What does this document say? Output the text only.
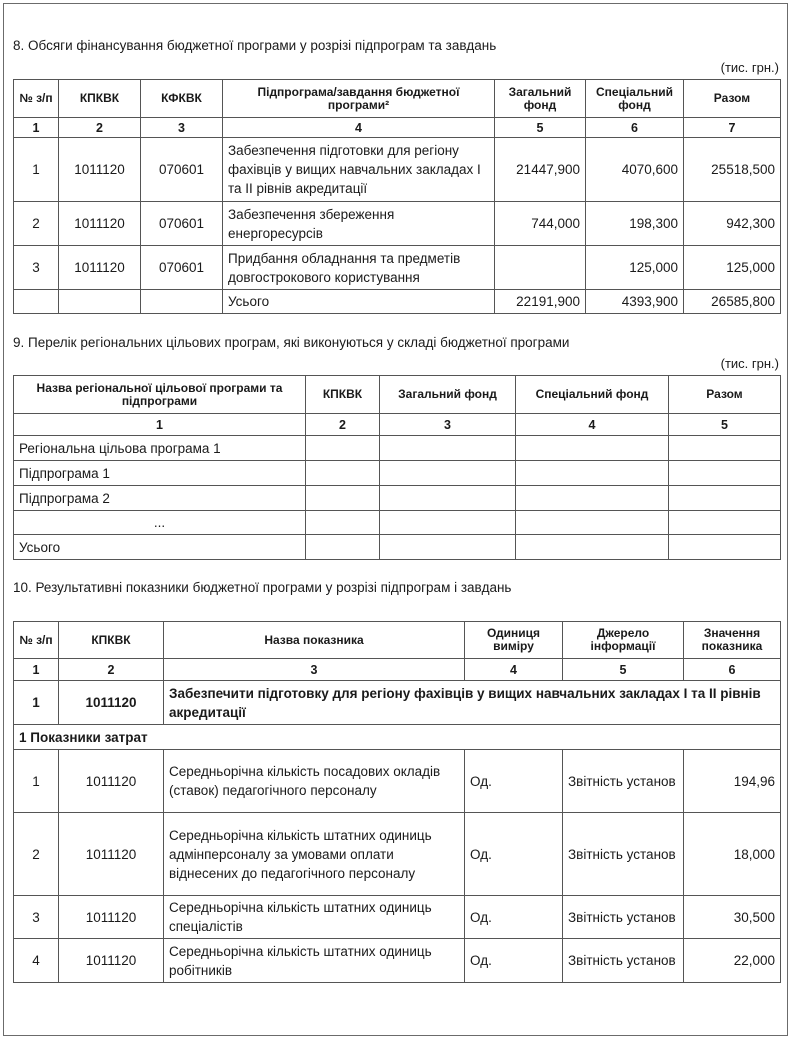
8. Обсяги фінансування бюджетної програми у розрізі підпрограм та завдань
(тис. грн.)
№ з/п	КПКВК	КФКВК	Підпрограма/завдання бюджетної програми²	Загальний фонд	Спеціальний фонд	Разом
1	2	3	4	5	6	7
1	1011120	070601	Забезпечення підготовки для регіону фахівців у вищих навчальних закладах І та ІІ рівнів акредитації	21447,900	4070,600	25518,500
2	1011120	070601	Забезпечення збереження енергоресурсів	744,000	198,300	942,300
3	1011120	070601	Придбання обладнання та предметів довгострокового користування		125,000	125,000
			Усього	22191,900	4393,900	26585,800
9. Перелік регіональних цільових програм, які виконуються у складі бюджетної програми
(тис. грн.)
Назва регіональної цільової програми та підпрограми	КПКВК	Загальний фонд	Спеціальний фонд	Разом
1	2	3	4	5
Регіональна цільова програма 1				
Підпрограма 1				
Підпрограма 2				
...				
Усього				
10. Результативні показники бюджетної програми у розрізі підпрограм і завдань
№ з/п	КПКВК	Назва показника	Одиниця виміру	Джерело інформації	Значення показника
1	2	3	4	5	6
1	1011120	Забезпечити підготовку для регіону фахівців у вищих навчальних закладах І та ІІ рівнів акредитації			
1 Показники затрат					
1	1011120	Середньорічна кількість посадових окладів (ставок) педагогічного персоналу	Од.	Звітність установ	194,96
2	1011120	Середньорічна кількість штатних одиниць адмінперсоналу за умовами оплати віднесених до педагогічного персоналу	Од.	Звітність установ	18,000
3	1011120	Середньорічна кількість штатних одиниць спеціалістів	Од.	Звітність установ	30,500
4	1011120	Середньорічна кількість штатних одиниць робітників	Од.	Звітність установ	22,000
